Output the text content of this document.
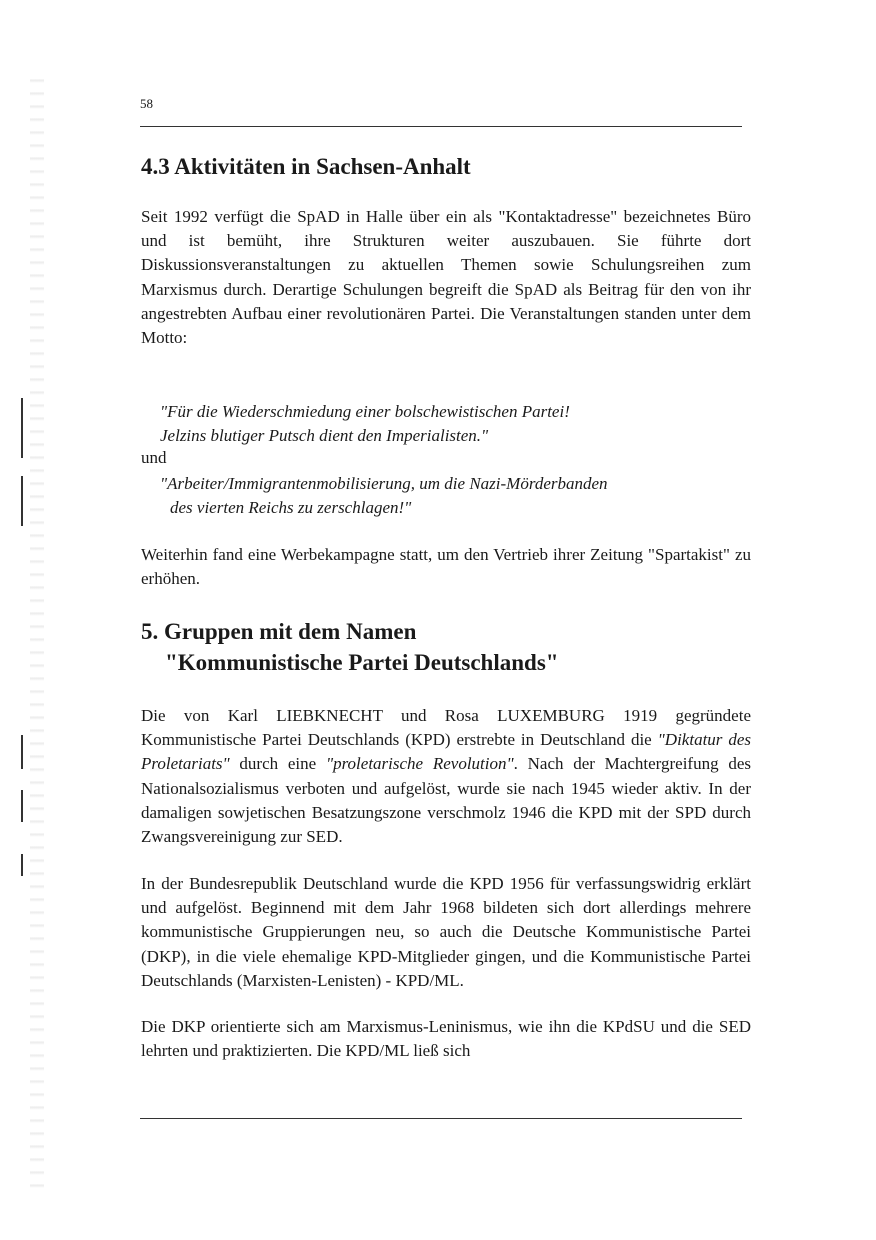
58
4.3 Aktivitäten in Sachsen-Anhalt
Seit 1992 verfügt die SpAD in Halle über ein als "Kontaktadresse" bezeichnetes Büro und ist bemüht, ihre Strukturen weiter auszubauen. Sie führte dort Diskussionsveranstaltungen zu aktuellen Themen sowie Schulungsreihen zum Marxismus durch. Derartige Schulungen begreift die SpAD als Beitrag für den von ihr angestrebten Aufbau einer revolutionären Partei. Die Veranstaltungen standen unter dem Motto:
"Für die Wiederschmiedung einer bolschewistischen Partei!
Jelzins blutiger Putsch dient den Imperialisten."
und
"Arbeiter/Immigrantenmobilisierung, um die Nazi-Mörderbanden
des vierten Reichs zu zerschlagen!"
Weiterhin fand eine Werbekampagne statt, um den Vertrieb ihrer Zeitung "Spartakist" zu erhöhen.
5. Gruppen mit dem Namen
"Kommunistische Partei Deutschlands"
Die von Karl LIEBKNECHT und Rosa LUXEMBURG 1919 gegründete Kommunistische Partei Deutschlands (KPD) erstrebte in Deutschland die "Diktatur des Proletariats" durch eine "proletarische Revolution". Nach der Machtergreifung des Nationalsozialismus verboten und aufgelöst, wurde sie nach 1945 wieder aktiv. In der damaligen sowjetischen Besatzungszone verschmolz 1946 die KPD mit der SPD durch Zwangsvereinigung zur SED.
In der Bundesrepublik Deutschland wurde die KPD 1956 für verfassungswidrig erklärt und aufgelöst. Beginnend mit dem Jahr 1968 bildeten sich dort allerdings mehrere kommunistische Gruppierungen neu, so auch die Deutsche Kommunistische Partei (DKP), in die viele ehemalige KPD-Mitglieder gingen, und die Kommunistische Partei Deutschlands (Marxisten-Lenisten) - KPD/ML.
Die DKP orientierte sich am Marxismus-Leninismus, wie ihn die KPdSU und die SED lehrten und praktizierten. Die KPD/ML ließ sich
